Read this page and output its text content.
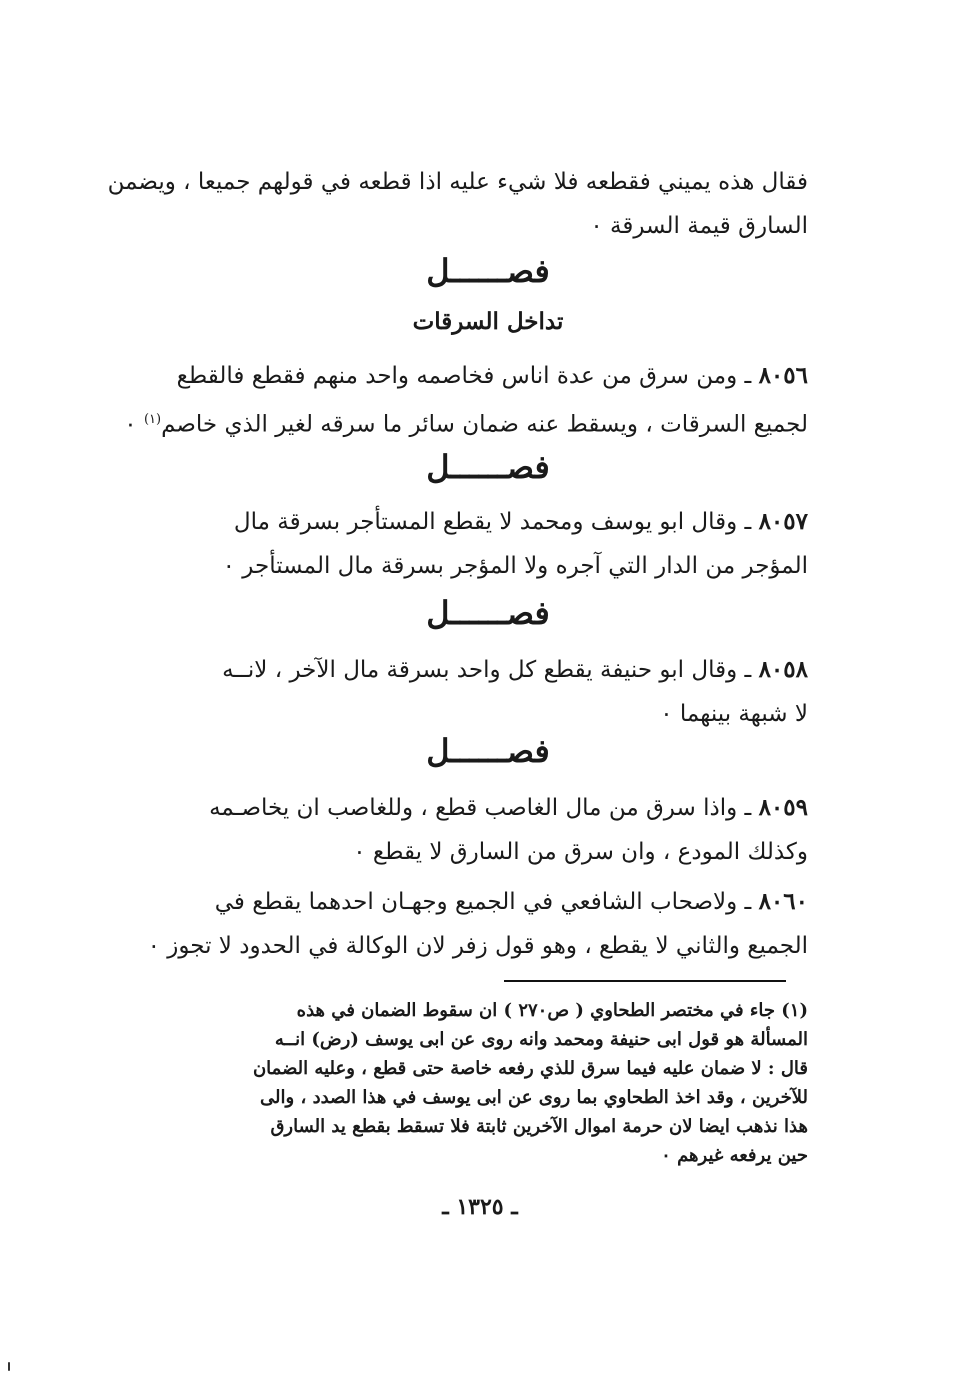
فقال هذه يميني فقطعه فلا شيء عليه اذا قطعه في قولهم جميعا ، ويضمن
السارق قيمة السرقة ٠
فصــــــل
تداخل السرقات
٨٠٥٦ ـ ومن سرق من عدة اناس فخاصمه واحد منهم فقطع فالقطع
لجميع السرقات ، ويسقط عنه ضمان سائر ما سرقه لغير الذي خاصم$^{(١)}$ ٠
فصــــــل
٨٠٥٧ ـ وقال ابو يوسف ومحمد لا يقطع المستأجر بسرقة مال
المؤجر من الدار التي آجره ولا المؤجر بسرقة مال المستأجر ٠
فصــــــل
٨٠٥٨ ـ وقال ابو حنيفة يقطع كل واحد بسرقة مال الآخر ، لانــه
لا شبهة بينهما ٠
فصــــــل
٨٠٥٩ ـ واذا سرق من مال الغاصب قطع ، وللغاصب ان يخاصـمه
وكذلك المودع ، وان سرق من السارق لا يقطع ٠
٨٠٦٠ ـ ولاصحاب الشافعي في الجميع وجهـان احدهما يقطع في
الجميع والثاني لا يقطع ، وهو قول زفر لان الوكالة في الحدود لا تجوز ٠
(١) جاء في مختصر الطحاوي ( ص٢٧٠ ) ان سقوط الضمان في هذه
المسألة هو قول ابى حنيفة ومحمد وانه روى عن ابى يوسف (رض) انــه
قال : لا ضمان عليه فيما سرق للذي رفعه خاصة حتى قطع ، وعليه الضمان
للآخرين ، وقد اخذ الطحاوي بما روى عن ابى يوسف في هذا الصدد ، والى
هذا نذهب ايضا لان حرمة اموال الآخرين ثابتة فلا تسقط بقطع يد السارق
حين يرفعه غيرهم ٠
ـ ١٣٢٥ ـ
